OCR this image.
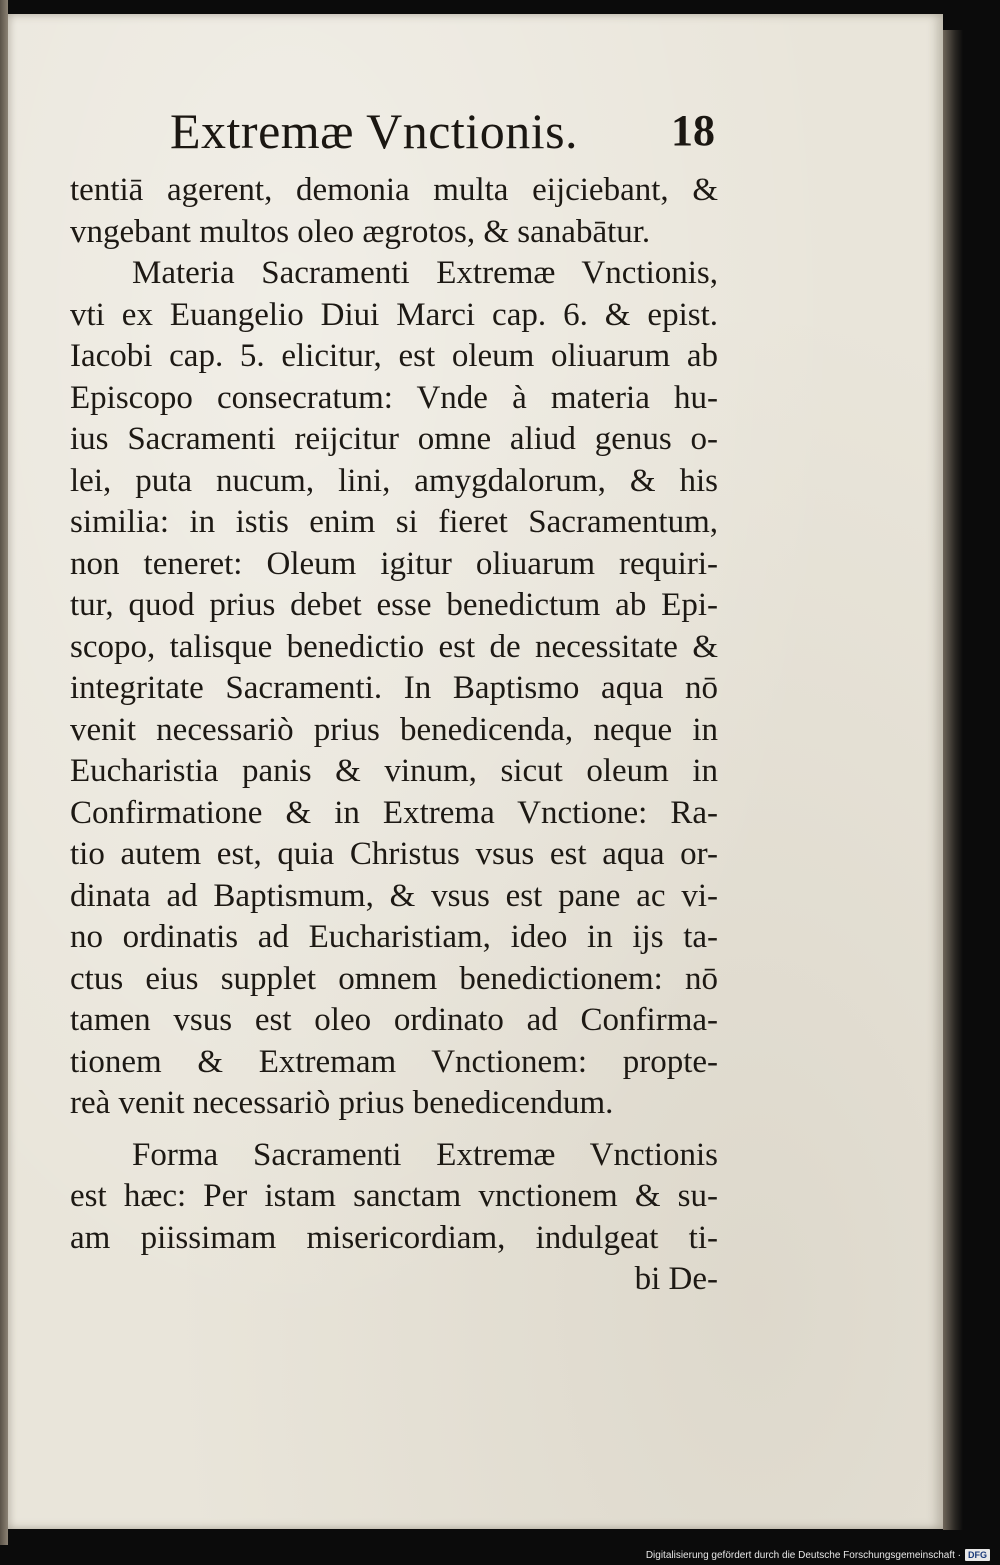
Extremæ Vnctionis. 18
tentiā agerent, demonia multa eijciebant, &
vngebant multos oleo ægrotos, & sanabātur.
Materia Sacramenti Extremæ Vnctionis,
vti ex Euangelio Diui Marci cap. 6. & epist.
Iacobi cap. 5. elicitur, est oleum oliuarum ab
Episcopo consecratum: Vnde à materia hu-
ius Sacramenti reijcitur omne aliud genus o-
lei, puta nucum, lini, amygdalorum, & his
similia: in istis enim si fieret Sacramentum,
non teneret: Oleum igitur oliuarum requiri-
tur, quod prius debet esse benedictum ab Epi-
scopo, talisque benedictio est de necessitate &
integritate Sacramenti. In Baptismo aqua nō
venit necessariò prius benedicenda, neque in
Eucharistia panis & vinum, sicut oleum in
Confirmatione & in Extrema Vnctione: Ra-
tio autem est, quia Christus vsus est aqua or-
dinata ad Baptismum, & vsus est pane ac vi-
no ordinatis ad Eucharistiam, ideo in ijs ta-
ctus eius supplet omnem benedictionem: nō
tamen vsus est oleo ordinato ad Confirma-
tionem & Extremam Vnctionem: propte-
reà venit necessariò prius benedicendum.
Forma Sacramenti Extremæ Vnctionis
est hæc: Per istam sanctam vnctionem & su-
am piissimam misericordiam, indulgeat ti-
bi De-
Digitalisierung gefördert durch die Deutsche Forschungsgemeinschaft · DFG
